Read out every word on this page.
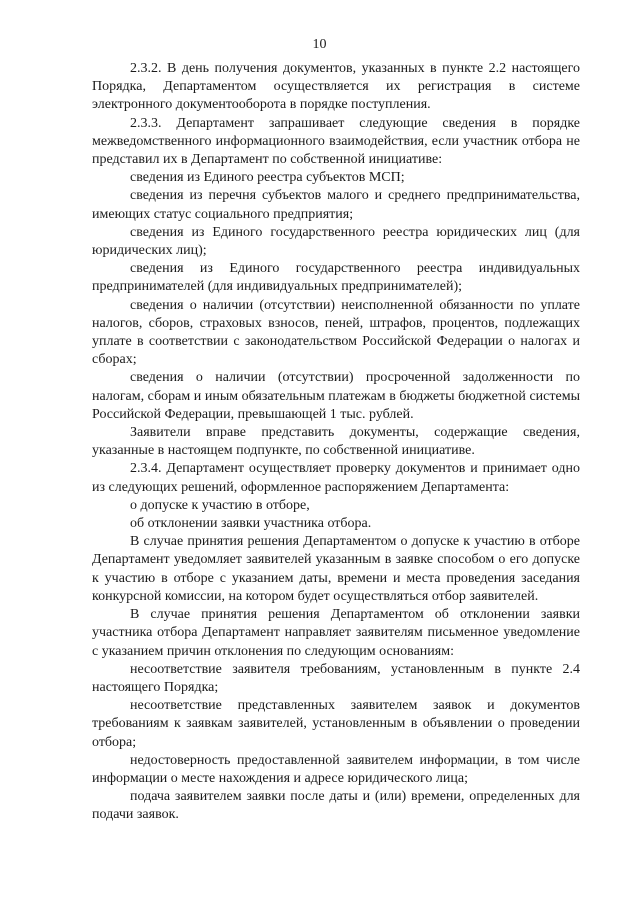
10

2.3.2. В день получения документов, указанных в пункте 2.2 настоящего Порядка, Департаментом осуществляется их регистрация в системе электронного документооборота в порядке поступления.

2.3.3. Департамент запрашивает следующие сведения в порядке межведомственного информационного взаимодействия, если участник отбора не представил их в Департамент по собственной инициативе:

сведения из Единого реестра субъектов МСП;

сведения из перечня субъектов малого и среднего предпринимательства, имеющих статус социального предприятия;

сведения из Единого государственного реестра юридических лиц (для юридических лиц);

сведения из Единого государственного реестра индивидуальных предпринимателей (для индивидуальных предпринимателей);

сведения о наличии (отсутствии) неисполненной обязанности по уплате налогов, сборов, страховых взносов, пеней, штрафов, процентов, подлежащих уплате в соответствии с законодательством Российской Федерации о налогах и сборах;

сведения о наличии (отсутствии) просроченной задолженности по налогам, сборам и иным обязательным платежам в бюджеты бюджетной системы Российской Федерации, превышающей 1 тыс. рублей.

Заявители вправе представить документы, содержащие сведения, указанные в настоящем подпункте, по собственной инициативе.

2.3.4. Департамент осуществляет проверку документов и принимает одно из следующих решений, оформленное распоряжением Департамента:

о допуске к участию в отборе,

об отклонении заявки участника отбора.

В случае принятия решения Департаментом о допуске к участию в отборе Департамент уведомляет заявителей указанным в заявке способом о его допуске к участию в отборе с указанием даты, времени и места проведения заседания конкурсной комиссии, на котором будет осуществляться отбор заявителей.

В случае принятия решения Департаментом об отклонении заявки участника отбора Департамент направляет заявителям письменное уведомление с указанием причин отклонения по следующим основаниям:

несоответствие заявителя требованиям, установленным в пункте 2.4 настоящего Порядка;

несоответствие представленных заявителем заявок и документов требованиям к заявкам заявителей, установленным в объявлении о проведении отбора;

недостоверность предоставленной заявителем информации, в том числе информации о месте нахождения и адресе юридического лица;

подача заявителем заявки после даты и (или) времени, определенных для подачи заявок.
